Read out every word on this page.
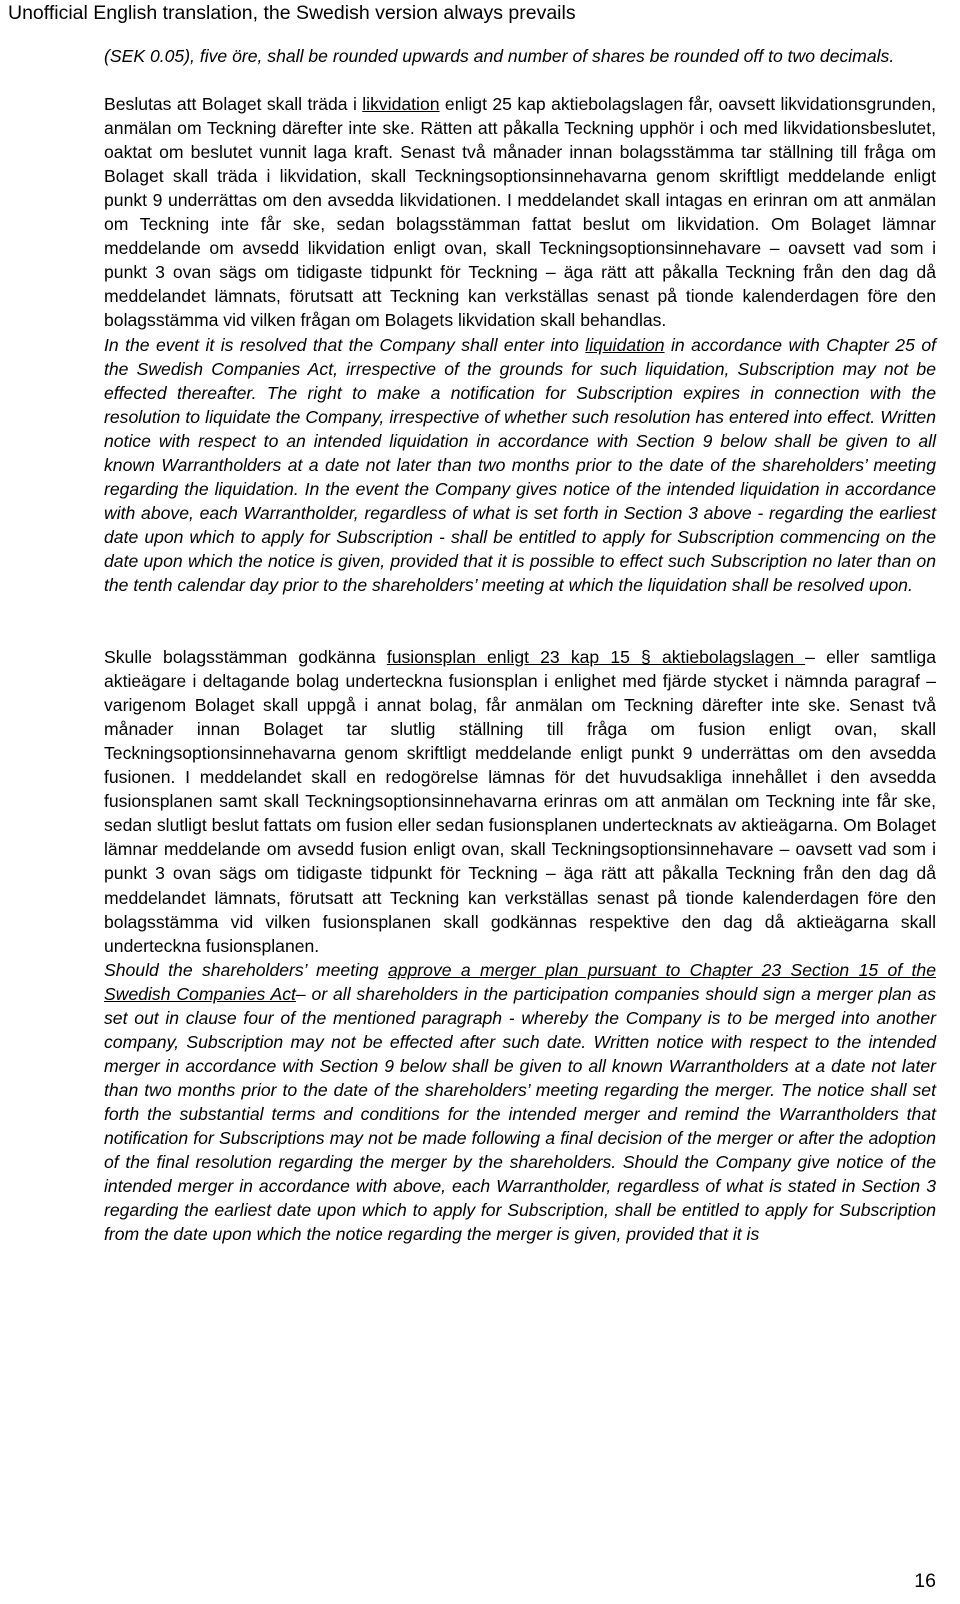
Unofficial English translation, the Swedish version always prevails

(SEK 0.05), five öre, shall be rounded upwards and number of shares be rounded off to two decimals.

Beslutas att Bolaget skall träda i likvidation enligt 25 kap aktiebolagslagen får, oavsett likvidationsgrunden, anmälan om Teckning därefter inte ske. Rätten att påkalla Teckning upphör i och med likvidationsbeslutet, oaktat om beslutet vunnit laga kraft. Senast två månader innan bolagsstämma tar ställning till fråga om Bolaget skall träda i likvidation, skall Teckningsoptionsinnehavarna genom skriftligt meddelande enligt punkt 9 underrättas om den avsedda likvidationen. I meddelandet skall intagas en erinran om att anmälan om Teckning inte får ske, sedan bolagsstämman fattat beslut om likvidation. Om Bolaget lämnar meddelande om avsedd likvidation enligt ovan, skall Teckningsoptionsinnehavare – oavsett vad som i punkt 3 ovan sägs om tidigaste tidpunkt för Teckning – äga rätt att påkalla Teckning från den dag då meddelandet lämnats, förutsatt att Teckning kan verkställas senast på tionde kalenderdagen före den bolagsstämma vid vilken frågan om Bolagets likvidation skall behandlas.

In the event it is resolved that the Company shall enter into liquidation in accordance with Chapter 25 of the Swedish Companies Act, irrespective of the grounds for such liquidation, Subscription may not be effected thereafter. The right to make a notification for Subscription expires in connection with the resolution to liquidate the Company, irrespective of whether such resolution has entered into effect. Written notice with respect to an intended liquidation in accordance with Section 9 below shall be given to all known Warrantholders at a date not later than two months prior to the date of the shareholders’ meeting regarding the liquidation. In the event the Company gives notice of the intended liquidation in accordance with above, each Warrantholder, regardless of what is set forth in Section 3 above - regarding the earliest date upon which to apply for Subscription - shall be entitled to apply for Subscription commencing on the date upon which the notice is given, provided that it is possible to effect such Subscription no later than on the tenth calendar day prior to the shareholders’ meeting at which the liquidation shall be resolved upon.

Skulle bolagsstämman godkänna fusionsplan enligt 23 kap 15 § aktiebolagslagen – eller samtliga aktieägare i deltagande bolag underteckna fusionsplan i enlighet med fjärde stycket i nämnda paragraf – varigenom Bolaget skall uppgå i annat bolag, får anmälan om Teckning därefter inte ske. Senast två månader innan Bolaget tar slutlig ställning till fråga om fusion enligt ovan, skall Teckningsoptionsinnehavarna genom skriftligt meddelande enligt punkt 9 underrättas om den avsedda fusionen. I meddelandet skall en redogörelse lämnas för det huvudsakliga innehållet i den avsedda fusionsplanen samt skall Teckningsoptionsinnehavarna erinras om att anmälan om Teckning inte får ske, sedan slutligt beslut fattats om fusion eller sedan fusionsplanen undertecknats av aktieägarna. Om Bolaget lämnar meddelande om avsedd fusion enligt ovan, skall Teckningsoptionsinnehavare – oavsett vad som i punkt 3 ovan sägs om tidigaste tidpunkt för Teckning – äga rätt att påkalla Teckning från den dag då meddelandet lämnats, förutsatt att Teckning kan verkställas senast på tionde kalenderdagen före den bolagsstämma vid vilken fusionsplanen skall godkännas respektive den dag då aktieägarna skall underteckna fusionsplanen.

Should the shareholders’ meeting approve a merger plan pursuant to Chapter 23 Section 15 of the Swedish Companies Act– or all shareholders in the participation companies should sign a merger plan as set out in clause four of the mentioned paragraph - whereby the Company is to be merged into another company, Subscription may not be effected after such date. Written notice with respect to the intended merger in accordance with Section 9 below shall be given to all known Warrantholders at a date not later than two months prior to the date of the shareholders’ meeting regarding the merger. The notice shall set forth the substantial terms and conditions for the intended merger and remind the Warrantholders that notification for Subscriptions may not be made following a final decision of the merger or after the adoption of the final resolution regarding the merger by the shareholders. Should the Company give notice of the intended merger in accordance with above, each Warrantholder, regardless of what is stated in Section 3 regarding the earliest date upon which to apply for Subscription, shall be entitled to apply for Subscription from the date upon which the notice regarding the merger is given, provided that it is

16
